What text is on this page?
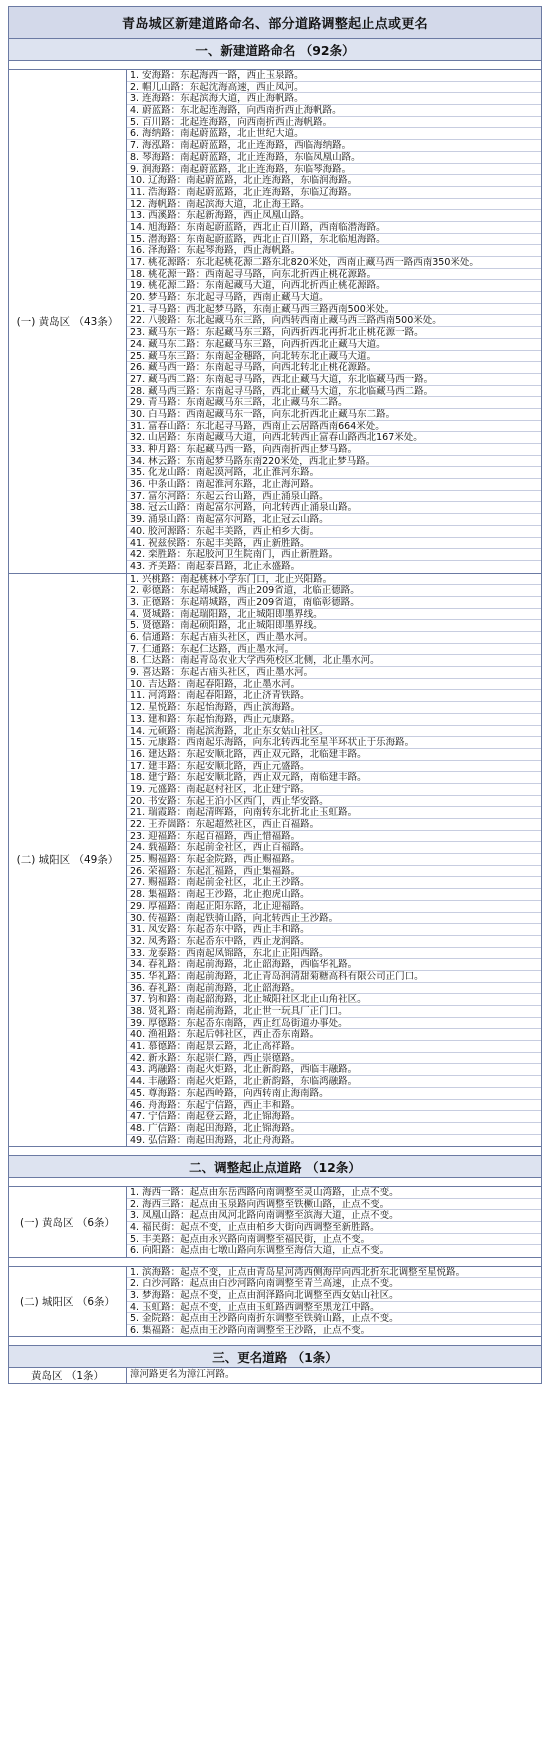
青岛城区新建道路命名、部分道路调整起止点或更名
一、新建道路命名 （92条）
(一) 黄岛区 （43条）
1. 安海路：东起海西一路，西止玉泉路。
2. 帽儿山路：东起沈海高速，西止凤河。
3. 连海路：东起滨海大道，西止海帆路。
4. 蔚蓝路：东北起连海路，向西南折西止海帆路。
5. 百川路：北起连海路，向西南折西止海帆路。
6. 海纳路：南起蔚蓝路，北止世纪大道。
7. 海泓路：南起蔚蓝路，北止连海路，西临海纳路。
8. 琴海路：南起蔚蓝路，北止连海路，东临凤凰山路。
9. 润海路：南起蔚蓝路，北止连海路，东临琴海路。
10. 辽海路：南起蔚蓝路，北止连海路，东临润海路。
11. 浩海路：南起蔚蓝路，北止连海路，东临辽海路。
12. 海帆路：南起滨海大道，北止海王路。
13. 西溪路：东起新海路，西止凤凰山路。
14. 旭海路：东南起蔚蓝路，西北止百川路，西南临潜海路。
15. 潜海路：东南起蔚蓝路，西北止百川路，东北临旭海路。
16. 泽海路：东起琴海路，西止海帆路。
17. 桃花源路：东北起桃花源二路东北820米处，西南止藏马西一路西南350米处。
18. 桃花源一路：西南起寻马路，向东北折西止桃花源路。
19. 桃花源二路：东南起藏马大道，向西北折西止桃花源路。
20. 梦马路：东北起寻马路，西南止藏马大道。
21. 寻马路：西北起梦马路，东南止藏马西三路西南500米处。
22. 八骏路：东北起藏马东三路，向西转西南止藏马西三路西南500米处。
23. 藏马东一路：东起藏马东三路，向西折西北再折北止桃花源一路。
24. 藏马东二路：东起藏马东三路，向西折西北止藏马大道。
25. 藏马东三路：东南起金穗路，向北转东北止藏马大道。
26. 藏马西一路：东南起寻马路，向西北转北止桃花源路。
27. 藏马西二路：东南起寻马路，西北止藏马大道，东北临藏马西一路。
28. 藏马西三路：东南起寻马路，西北止藏马大道，东北临藏马西二路。
29. 青马路：东南起藏马东三路，北止藏马东二路。
30. 白马路：西南起藏马东一路，向东北折西北止藏马东二路。
31. 富春山路：东北起寻马路，西南止云居路西南664米处。
32. 山居路：东南起藏马大道，向西北转西止富春山路西北167米处。
33. 种月路：东起藏马西一路，向西南折西止梦马路。
34. 林云路：东南起梦马路东南220米处，西北止梦马路。
35. 化龙山路：南起漠河路，北止淮河东路。
36. 中条山路：南起淮河东路，北止海河路。
37. 富尔河路：东起云台山路，西止涌泉山路。
38. 冠云山路：南起富尔河路，向北转西止涌泉山路。
39. 涌泉山路：南起富尔河路，北止冠云山路。
40. 胶河源路：东起丰美路，西止柏乡大街。
41. 祝兹侯路：东起丰美路，西止新胜路。
42. 栾胜路：东起胶河卫生院南门，西止新胜路。
43. 齐美路：南起泰昌路，北止永盛路。
(二) 城阳区 （49条）
1. 兴桃路：南起桃林小学东门口，北止兴阳路。
2. 彰德路：东起靖城路，西止209省道，北临正德路。
3. 正德路：东起靖城路，西止209省道，南临彰德路。
4. 贤城路：南起瑞阳路，北止城阳即墨界线。
5. 贤德路：南起硕阳路，北止城阳即墨界线。
6. 信通路：东起古庙头社区，西止墨水河。
7. 仁通路：东起仁达路，西止墨水河。
8. 仁达路：南起青岛农业大学西苑校区北侧，北止墨水河。
9. 喜达路：东起古庙头社区，西止墨水河。
10. 吉达路：南起春阳路，北止墨水河。
11. 河湾路：南起春阳路，北止济青铁路。
12. 星悦路：东起怡海路，西止滨海路。
13. 建和路：东起怡海路，西止元康路。
14. 元硕路：南起滨海路，北止东女姑山社区。
15. 元康路：西南起乐海路，向东北转西北至星半环状止于乐海路。
16. 建达路：东起安顺北路，西止双元路，北临建丰路。
17. 建丰路：东起安顺北路，西止元盛路。
18. 建宁路：东起安顺北路，西止双元路，南临建丰路。
19. 元盛路：南起赵村社区，北止建宁路。
20. 书安路：东起王泊小区西门，西止华安路。
21. 瑞霞路：南起清晖路，向南转东北折北止玉虹路。
22. 王乔崮路：东起超然社区，西止百福路。
23. 迎福路：东起百福路，西止惜福路。
24. 载福路：东起前金社区，西止百福路。
25. 赐福路：东起金院路，西止赐福路。
26. 荣福路：东起汇福路，西止集福路。
27. 赐福路：南起前金社区，北止王沙路。
28. 集福路：南起王沙路，北止抱虎山路。
29. 厚福路：南起正阳东路，北止迎福路。
30. 传福路：南起铁骑山路，向北转西止王沙路。
31. 凤安路：东起岙东中路，西止丰和路。
32. 凤秀路：东起岙东中路，西止龙润路。
33. 龙泰路：西南起凤锦路，东北止正阳西路。
34. 春礼路：南起前海路，北止韶海路，西临华礼路。
35. 华礼路：南起前海路，北止青岛润清甜菊糖高科有限公司正门口。
36. 春礼路：南起前海路，北止韶海路。
37. 钧和路：南起韶海路，北止城阳社区北止山角社区。
38. 贤礼路：南起前海路，北止世一玩具厂正门口。
39. 厚德路：东起岙东南路，西止红岛街道办事处。
40. 渔祖路：东起后韩社区，西止岙东南路。
41. 慕德路：南起景云路，北止高祥路。
42. 新永路：东起崇仁路，西止崇德路。
43. 鸿融路：南起火炬路，北止新韵路，西临丰融路。
44. 丰融路：南起火炬路，北止新韵路，东临鸿融路。
45. 尊海路：东起西岭路，向西转南止海南路。
46. 舟海路：东起宁信路，西止丰和路。
47. 宁信路：南起登云路，北止锦海路。
48. 广信路：南起田海路，北止锦海路。
49. 弘信路：南起田海路，北止舟海路。
二、调整起止点道路 （12条）
(一) 黄岛区 （6条）
1. 海西一路：起点由东岳西路向南调整至灵山湾路，止点不变。
2. 海西三路：起点由玉泉路向西调整至铁橛山路，止点不变。
3. 凤凰山路：起点由凤河北路向南调整至滨海大道，止点不变。
4. 福民街：起点不变，止点由柏乡大街向西调整至新胜路。
5. 丰美路：起点由永兴路向南调整至福民街，止点不变。
6. 向阳路：起点由七墩山路向东调整至海信大道，止点不变。
(二) 城阳区 （6条）
1. 滨海路：起点不变，止点由青岛星河湾西侧海岸向西北折东北调整至星悦路。
2. 白沙河路：起点由白沙河路向南调整至青兰高速，止点不变。
3. 梦海路：起点不变，止点由润泽路向北调整至西女姑山社区。
4. 玉虹路：起点不变，止点由玉虹路西调整至黑龙江中路。
5. 金院路：起点由王沙路向南折东调整至铁骑山路，止点不变。
6. 集福路：起点由王沙路向南调整至王沙路，止点不变。
三、更名道路 （1条）
黄岛区 （1条）	漳河路更名为漳江河路。
